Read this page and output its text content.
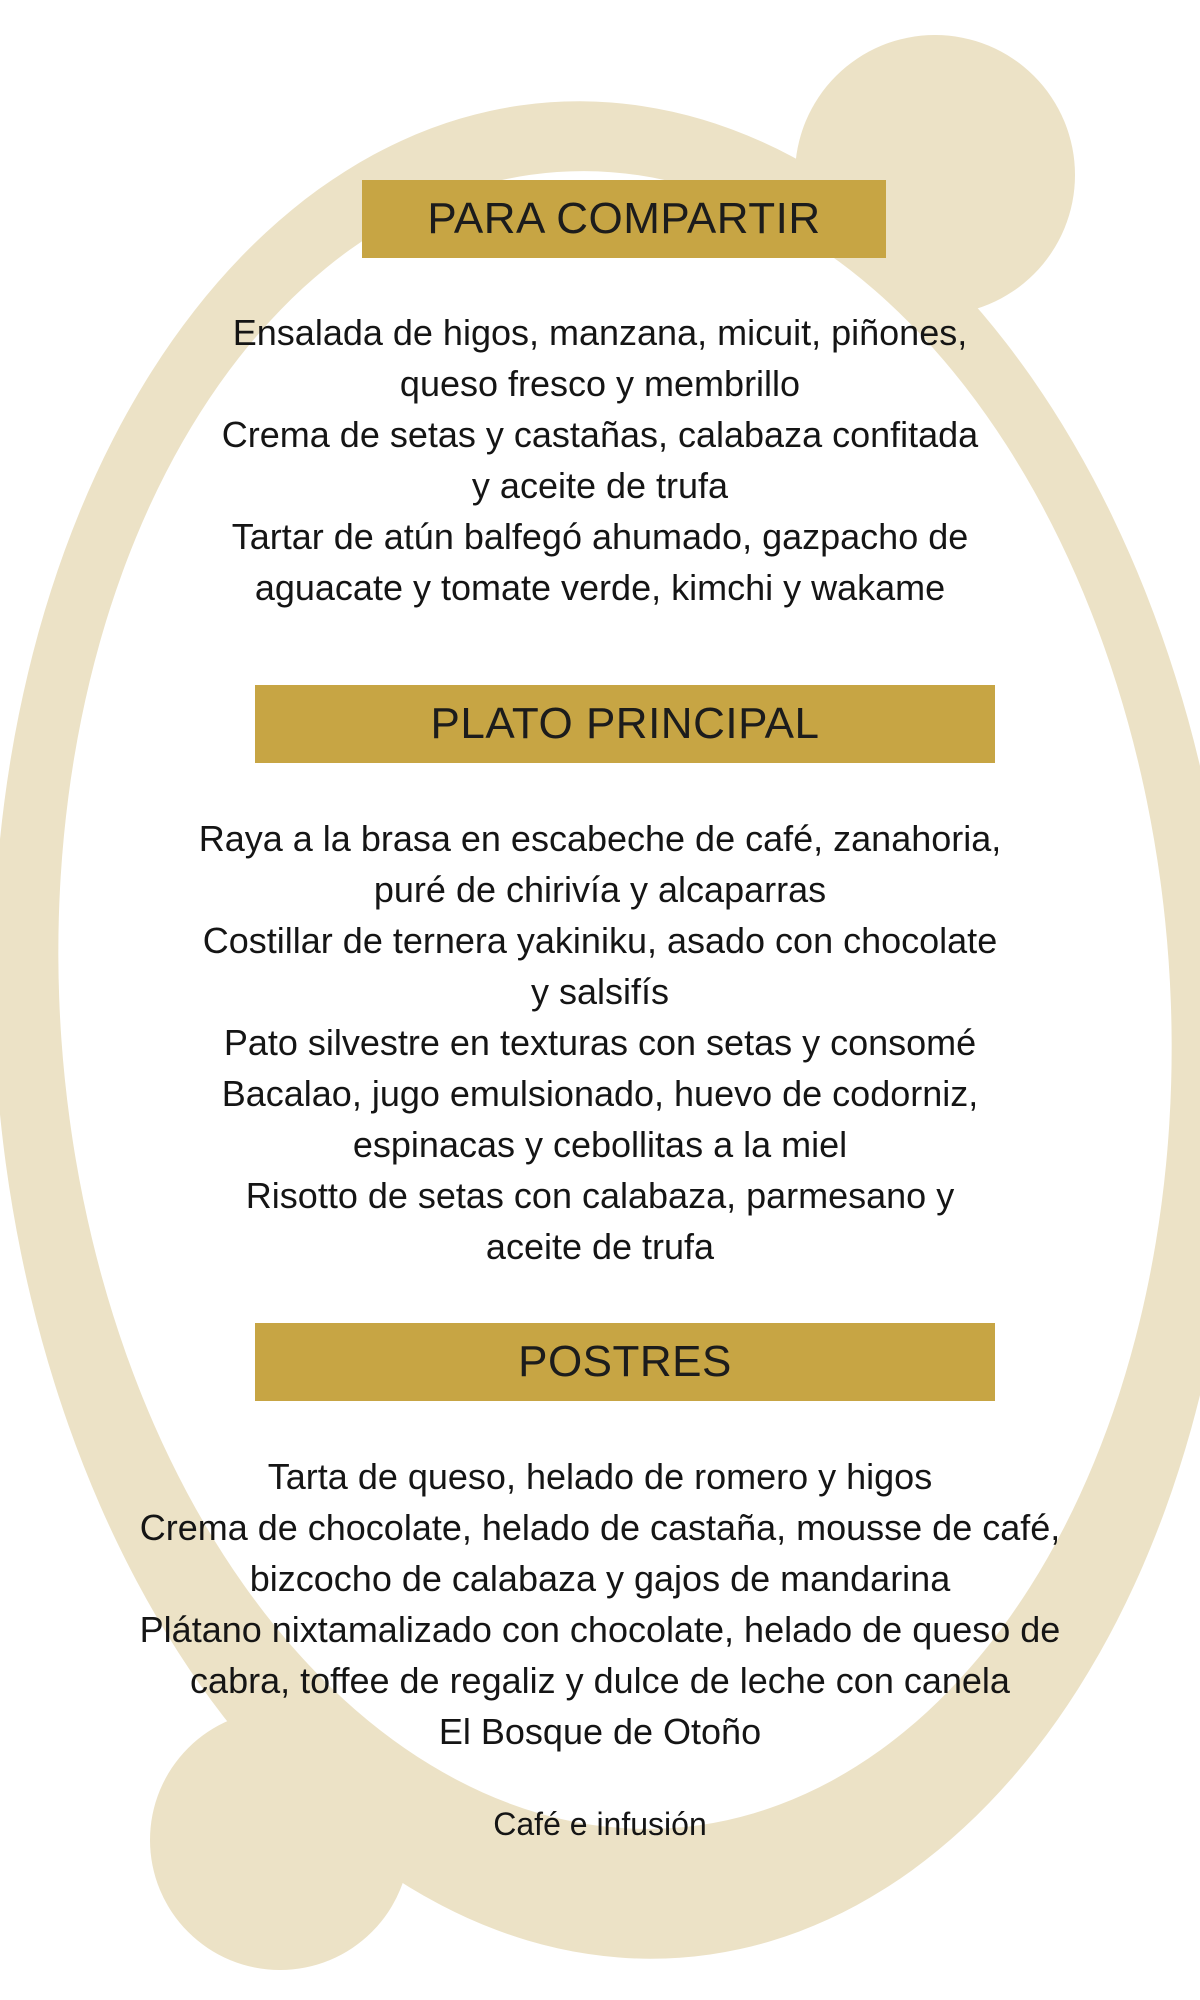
PARA COMPARTIR
Ensalada de higos, manzana, micuit, piñones,
queso fresco y membrillo
Crema de setas y castañas, calabaza confitada
y aceite de trufa
Tartar de atún balfegó ahumado, gazpacho de
aguacate y tomate verde, kimchi y wakame
PLATO PRINCIPAL
Raya a la brasa en escabeche de café, zanahoria,
puré de chirivía y alcaparras
Costillar de ternera yakiniku, asado con chocolate
y salsifís
Pato silvestre en texturas con setas y consomé
Bacalao, jugo emulsionado, huevo de codorniz,
espinacas y cebollitas a la miel
Risotto de setas con calabaza, parmesano y
aceite de trufa
POSTRES
Tarta de queso, helado de romero y higos
Crema de chocolate, helado de castaña, mousse de café,
bizcocho de calabaza y gajos de mandarina
Plátano nixtamalizado con chocolate, helado de queso de
cabra, toffee de regaliz y dulce de leche con canela
El Bosque de Otoño
Café e infusión
